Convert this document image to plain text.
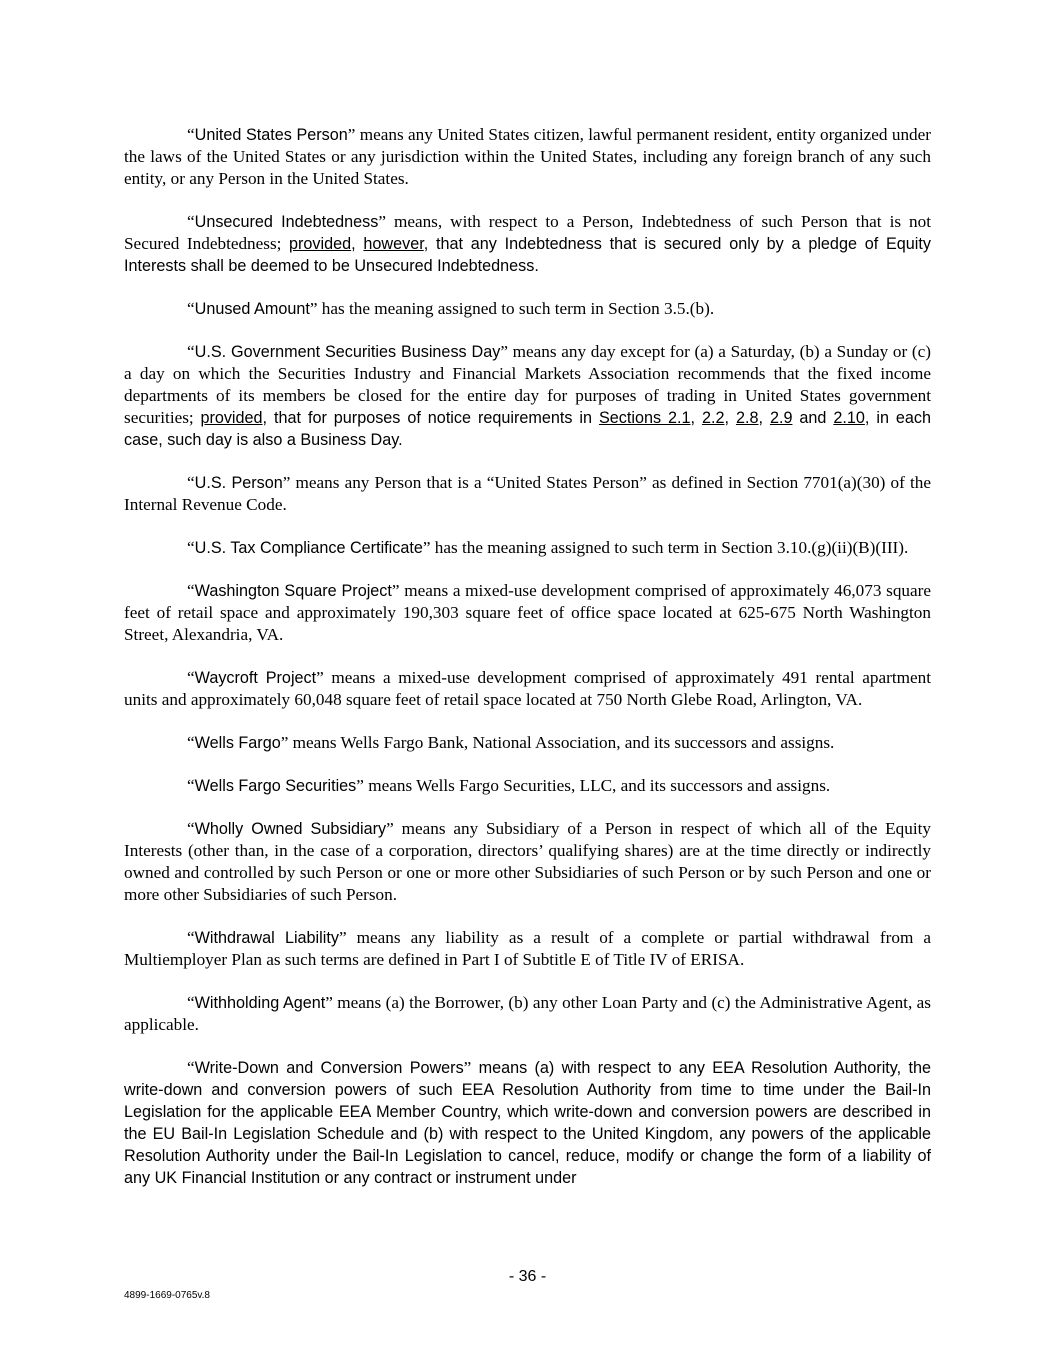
“United States Person” means any United States citizen, lawful permanent resident, entity organized under the laws of the United States or any jurisdiction within the United States, including any foreign branch of any such entity, or any Person in the United States.

“Unsecured Indebtedness” means, with respect to a Person, Indebtedness of such Person that is not Secured Indebtedness; provided, however, that any Indebtedness that is secured only by a pledge of Equity Interests shall be deemed to be Unsecured Indebtedness.

“Unused Amount” has the meaning assigned to such term in Section 3.5.(b).

“U.S. Government Securities Business Day” means any day except for (a) a Saturday, (b) a Sunday or (c) a day on which the Securities Industry and Financial Markets Association recommends that the fixed income departments of its members be closed for the entire day for purposes of trading in United States government securities; provided, that for purposes of notice requirements in Sections 2.1, 2.2, 2.8, 2.9 and 2.10, in each case, such day is also a Business Day.

“U.S. Person” means any Person that is a “United States Person” as defined in Section 7701(a)(30) of the Internal Revenue Code.

“U.S. Tax Compliance Certificate” has the meaning assigned to such term in Section 3.10.(g)(ii)(B)(III).

“Washington Square Project” means a mixed-use development comprised of approximately 46,073 square feet of retail space and approximately 190,303 square feet of office space located at 625-675 North Washington Street, Alexandria, VA.

“Waycroft Project” means a mixed-use development comprised of approximately 491 rental apartment units and approximately 60,048 square feet of retail space located at 750 North Glebe Road, Arlington, VA.

“Wells Fargo” means Wells Fargo Bank, National Association, and its successors and assigns.

“Wells Fargo Securities” means Wells Fargo Securities, LLC, and its successors and assigns.

“Wholly Owned Subsidiary” means any Subsidiary of a Person in respect of which all of the Equity Interests (other than, in the case of a corporation, directors’ qualifying shares) are at the time directly or indirectly owned and controlled by such Person or one or more other Subsidiaries of such Person or by such Person and one or more other Subsidiaries of such Person.

“Withdrawal Liability” means any liability as a result of a complete or partial withdrawal from a Multiemployer Plan as such terms are defined in Part I of Subtitle E of Title IV of ERISA.

“Withholding Agent” means (a) the Borrower, (b) any other Loan Party and (c) the Administrative Agent, as applicable.

“Write-Down and Conversion Powers” means (a) with respect to any EEA Resolution Authority, the write-down and conversion powers of such EEA Resolution Authority from time to time under the Bail-In Legislation for the applicable EEA Member Country, which write-down and conversion powers are described in the EU Bail-In Legislation Schedule and (b) with respect to the United Kingdom, any powers of the applicable Resolution Authority under the Bail-In Legislation to cancel, reduce, modify or change the form of a liability of any UK Financial Institution or any contract or instrument under

- 36 -
4899-1669-0765v.8
